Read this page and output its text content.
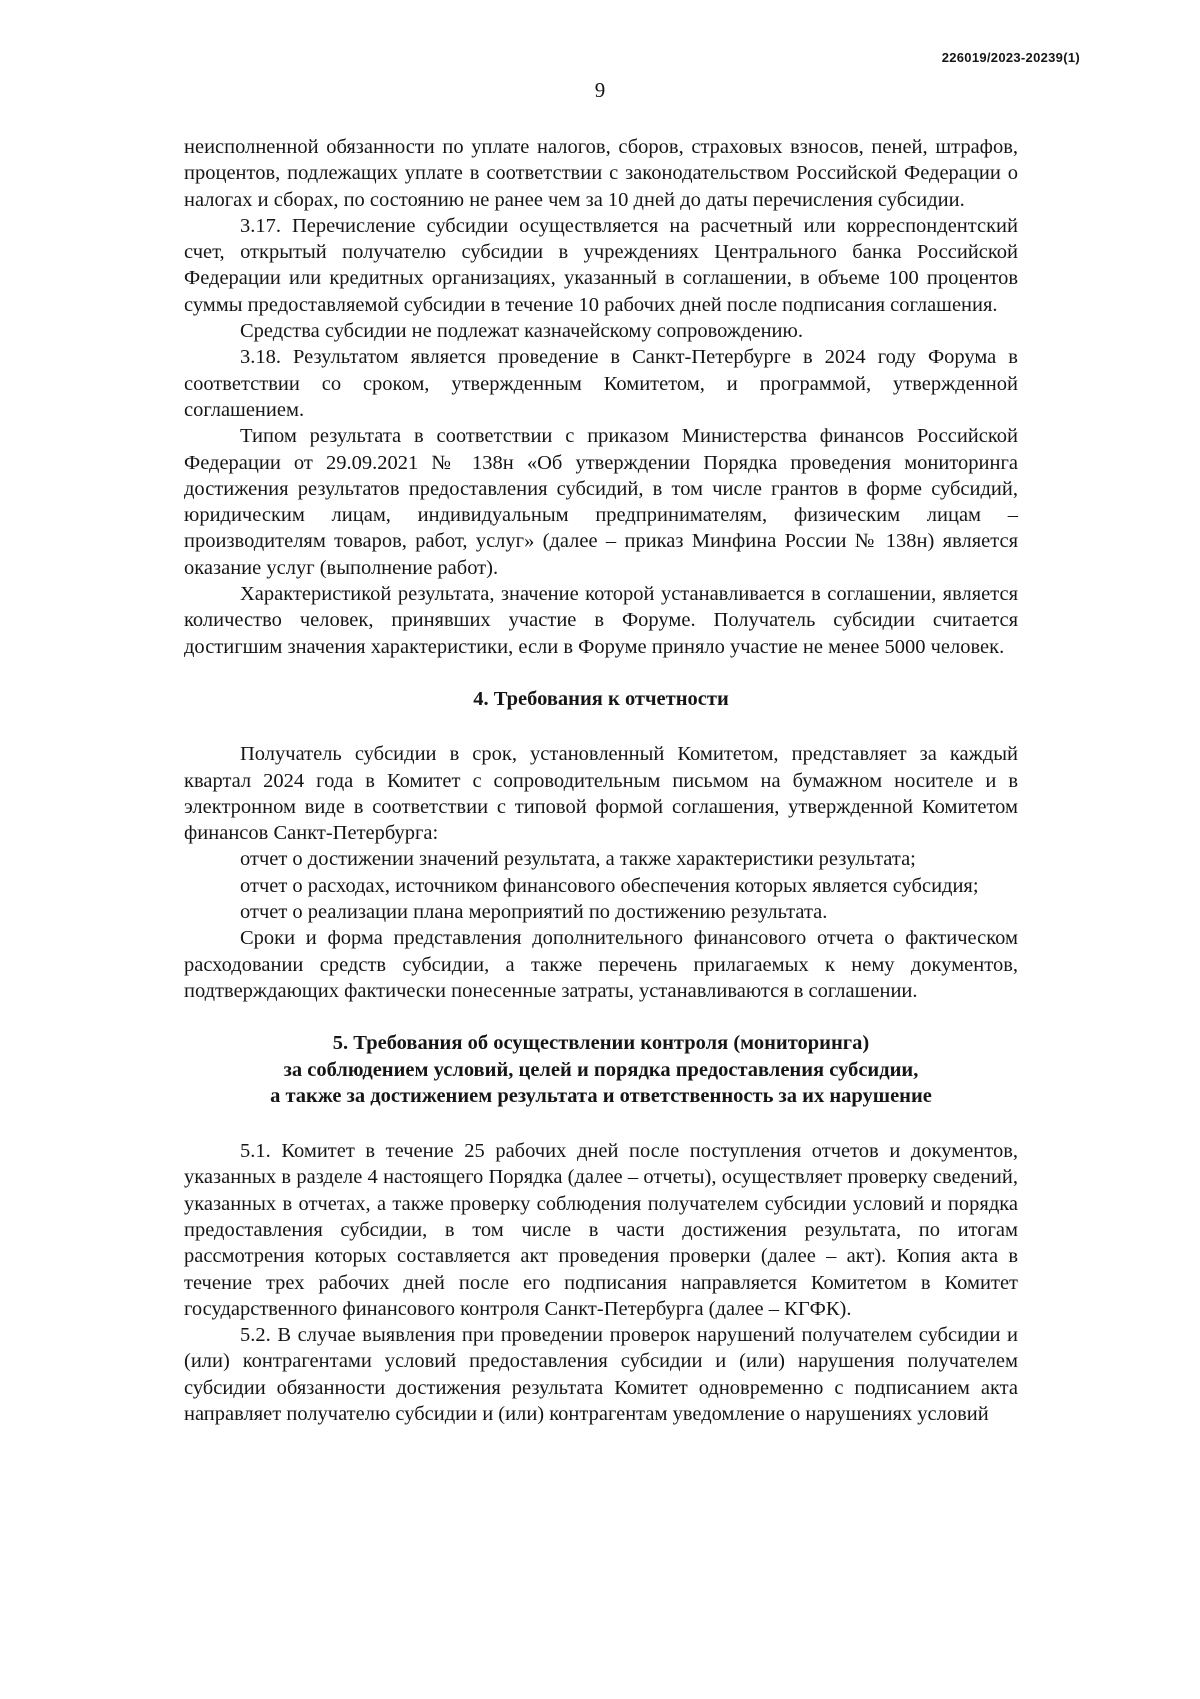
226019/2023-20239(1)
9

неисполненной обязанности по уплате налогов, сборов, страховых взносов, пеней, штрафов, процентов, подлежащих уплате в соответствии с законодательством Российской Федерации о налогах и сборах, по состоянию не ранее чем за 10 дней до даты перечисления субсидии.

3.17. Перечисление субсидии осуществляется на расчетный или корреспондентский счет, открытый получателю субсидии в учреждениях Центрального банка Российской Федерации или кредитных организациях, указанный в соглашении, в объеме 100 процентов суммы предоставляемой субсидии в течение 10 рабочих дней после подписания соглашения.

Средства субсидии не подлежат казначейскому сопровождению.

3.18. Результатом является проведение в Санкт-Петербурге в 2024 году Форума в соответствии со сроком, утвержденным Комитетом, и программой, утвержденной соглашением.

Типом результата в соответствии с приказом Министерства финансов Российской Федерации от 29.09.2021 № 138н «Об утверждении Порядка проведения мониторинга достижения результатов предоставления субсидий, в том числе грантов в форме субсидий, юридическим лицам, индивидуальным предпринимателям, физическим лицам – производителям товаров, работ, услуг» (далее – приказ Минфина России № 138н) является оказание услуг (выполнение работ).

Характеристикой результата, значение которой устанавливается в соглашении, является количество человек, принявших участие в Форуме. Получатель субсидии считается достигшим значения характеристики, если в Форуме приняло участие не менее 5000 человек.

4. Требования к отчетности

Получатель субсидии в срок, установленный Комитетом, представляет за каждый квартал 2024 года в Комитет с сопроводительным письмом на бумажном носителе и в электронном виде в соответствии с типовой формой соглашения, утвержденной Комитетом финансов Санкт-Петербурга:

отчет о достижении значений результата, а также характеристики результата;

отчет о расходах, источником финансового обеспечения которых является субсидия;

отчет о реализации плана мероприятий по достижению результата.

Сроки и форма представления дополнительного финансового отчета о фактическом расходовании средств субсидии, а также перечень прилагаемых к нему документов, подтверждающих фактически понесенные затраты, устанавливаются в соглашении.

5. Требования об осуществлении контроля (мониторинга)
за соблюдением условий, целей и порядка предоставления субсидии,
а также за достижением результата и ответственность за их нарушение

5.1. Комитет в течение 25 рабочих дней после поступления отчетов и документов, указанных в разделе 4 настоящего Порядка (далее – отчеты), осуществляет проверку сведений, указанных в отчетах, а также проверку соблюдения получателем субсидии условий и порядка предоставления субсидии, в том числе в части достижения результата, по итогам рассмотрения которых составляется акт проведения проверки (далее – акт). Копия акта в течение трех рабочих дней после его подписания направляется Комитетом в Комитет государственного финансового контроля Санкт-Петербурга (далее – КГФК).

5.2. В случае выявления при проведении проверок нарушений получателем субсидии и (или) контрагентами условий предоставления субсидии и (или) нарушения получателем субсидии обязанности достижения результата Комитет одновременно с подписанием акта направляет получателю субсидии и (или) контрагентам уведомление о нарушениях условий
